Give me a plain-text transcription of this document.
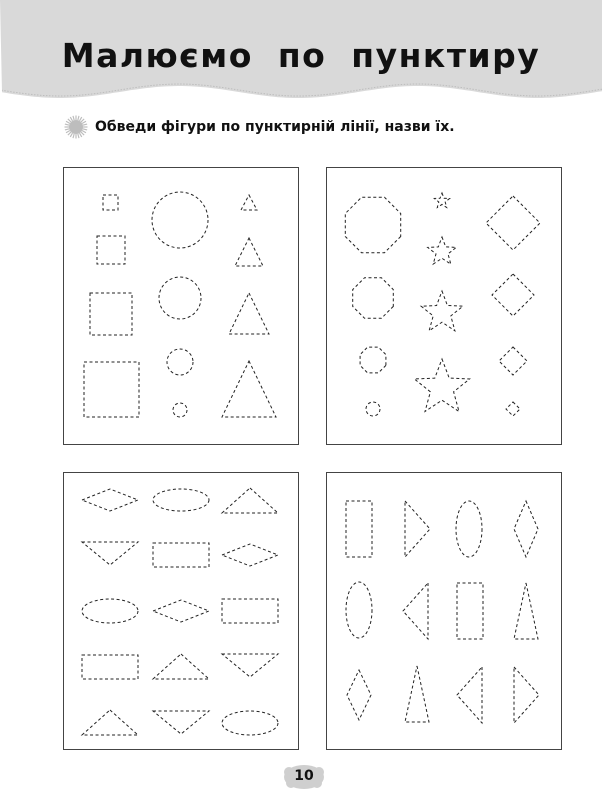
Малюємо по пунктиру

Обведи фігури по пунктирній лінії, назви їх.

10
